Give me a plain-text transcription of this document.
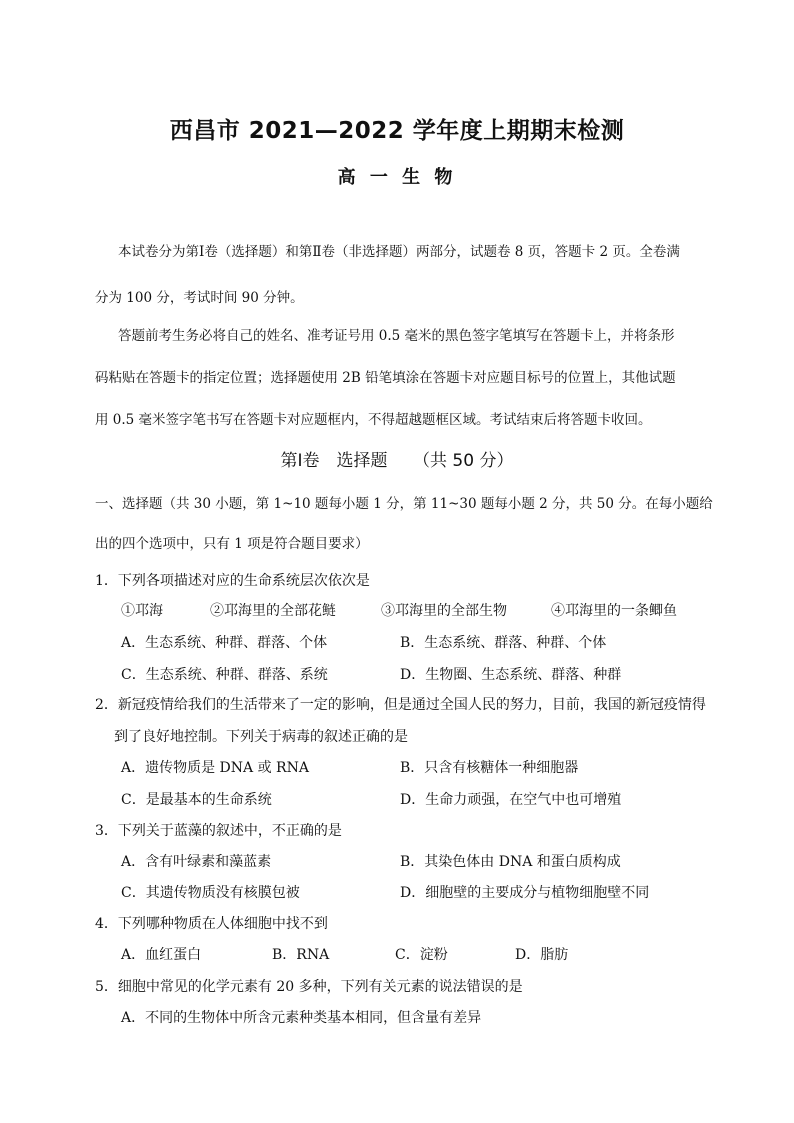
西昌市 2021—2022 学年度上期期末检测
高 一 生 物
本试卷分为第Ⅰ卷（选择题）和第Ⅱ卷（非选择题）两部分，试题卷 8 页，答题卡 2 页。全卷满
分为 100 分，考试时间 90 分钟。
答题前考生务必将自己的姓名、准考证号用 0.5 毫米的黑色签字笔填写在答题卡上，并将条形
码粘贴在答题卡的指定位置；选择题使用 2B 铅笔填涂在答题卡对应题目标号的位置上，其他试题
用 0.5 毫米签字笔书写在答题卡对应题框内，不得超越题框区域。考试结束后将答题卡收回。
第Ⅰ卷　选择题　　（共 50 分）
一、选择题（共 30 小题，第 1~10 题每小题 1 分，第 11~30 题每小题 2 分，共 50 分。在每小题给
出的四个选项中，只有 1 项是符合题目要求）
1．下列各项描述对应的生命系统层次依次是
①邛海	②邛海里的全部花鲢	③邛海里的全部生物	④邛海里的一条鲫鱼
A．生态系统、种群、群落、个体	B．生态系统、群落、种群、个体
C．生态系统、种群、群落、系统	D．生物圈、生态系统、群落、种群
2．新冠疫情给我们的生活带来了一定的影响，但是通过全国人民的努力，目前，我国的新冠疫情得
到了良好地控制。下列关于病毒的叙述正确的是
A．遗传物质是 DNA 或 RNA	B．只含有核糖体一种细胞器
C．是最基本的生命系统	D．生命力顽强，在空气中也可增殖
3．下列关于蓝藻的叙述中，不正确的是
A．含有叶绿素和藻蓝素	B．其染色体由 DNA 和蛋白质构成
C．其遗传物质没有核膜包被	D．细胞壁的主要成分与植物细胞壁不同
4．下列哪种物质在人体细胞中找不到
A．血红蛋白	B．RNA	C．淀粉	D．脂肪
5．细胞中常见的化学元素有 20 多种，下列有关元素的说法错误的是
A．不同的生物体中所含元素种类基本相同，但含量有差异
